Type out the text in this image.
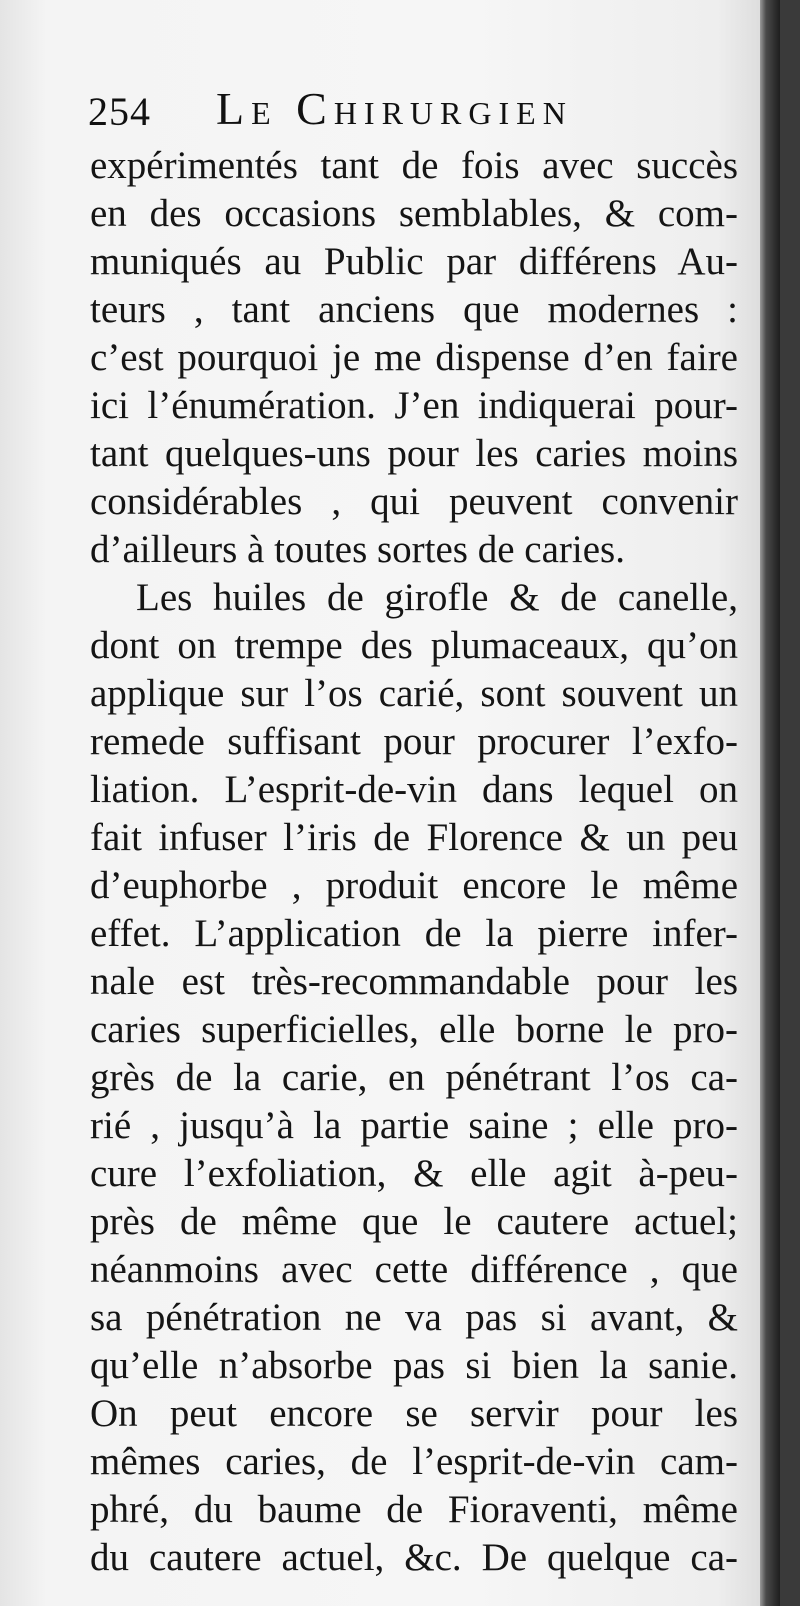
254 Le Chirurgien
expérimentés tant de fois avec succès
en des occasions semblables, & com-
muniqués au Public par différens Au-
teurs , tant anciens que modernes :
c’est pourquoi je me dispense d’en faire
ici l’énumération. J’en indiquerai pour-
tant quelques-uns pour les caries moins
considérables , qui peuvent convenir
d’ailleurs à toutes sortes de caries.
Les huiles de girofle & de canelle,
dont on trempe des plumaceaux, qu’on
applique sur l’os carié, sont souvent un
remede suffisant pour procurer l’exfo-
liation. L’esprit-de-vin dans lequel on
fait infuser l’iris de Florence & un peu
d’euphorbe , produit encore le même
effet. L’application de la pierre infer-
nale est très-recommandable pour les
caries superficielles, elle borne le pro-
grès de la carie, en pénétrant l’os ca-
rié , jusqu’à la partie saine ; elle pro-
cure l’exfoliation, & elle agit à-peu-
près de même que le cautere actuel;
néanmoins avec cette différence , que
sa pénétration ne va pas si avant, &
qu’elle n’absorbe pas si bien la sanie.
On peut encore se servir pour les
mêmes caries, de l’esprit-de-vin cam-
phré, du baume de Fioraventi, même
du cautere actuel, &c. De quelque ca-
